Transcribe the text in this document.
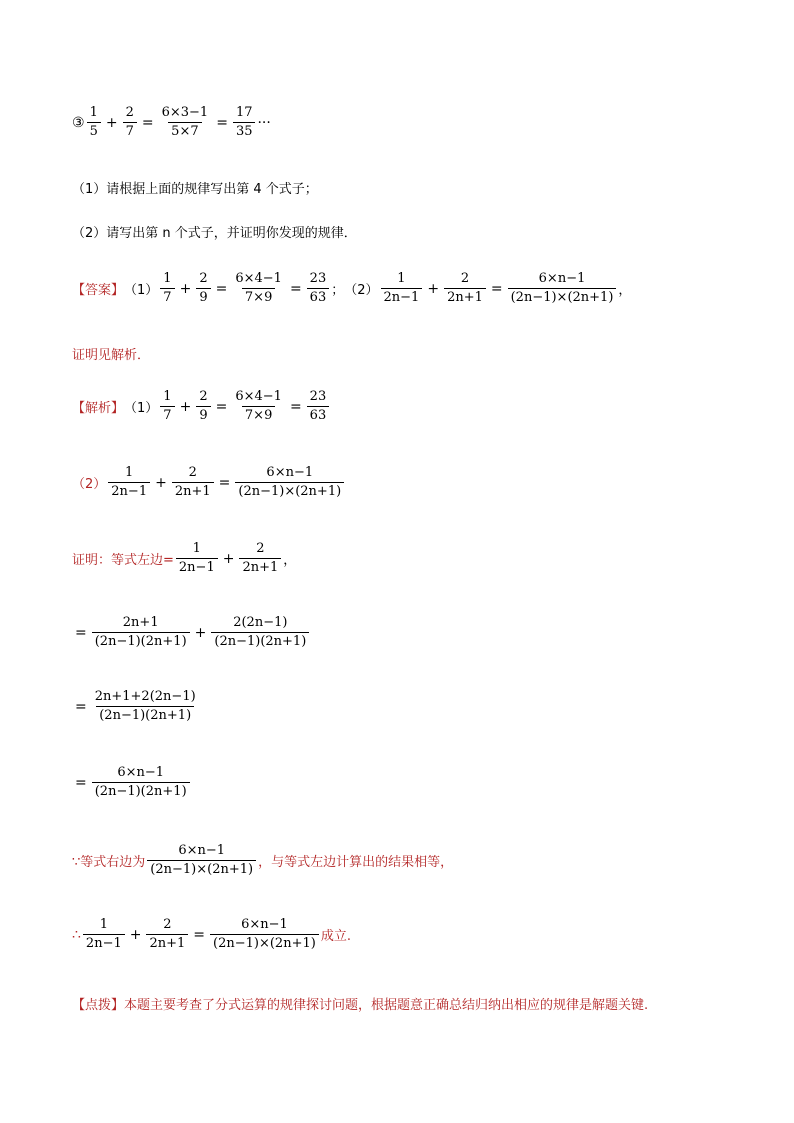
③ $\frac{1}{5} + \frac{2}{7} = \frac{6\times 3-1}{5\times 7} = \frac{17}{35}$ ···
（1）请根据上面的规律写出第 4 个式子；
（2）请写出第 n 个式子，并证明你发现的规律．
【答案】 $(1) \frac{1}{7} + \frac{2}{9} = \frac{6\times 4-1}{7\times 9} = \frac{23}{63}$ ； $(2) \frac{1}{2n-1} + \frac{2}{2n+1} = \frac{6\times n-1}{(2n-1)\times(2n+1)}$ ，
证明见解析．
【解析】 $(1) \frac{1}{7} + \frac{2}{9} = \frac{6\times 4-1}{7\times 9} = \frac{23}{63}$
$(2) \frac{1}{2n-1} + \frac{2}{2n+1} = \frac{6\times n-1}{(2n-1)\times(2n+1)}$
证明：等式左边= $\frac{1}{2n-1} + \frac{2}{2n+1}$ ，
= $\frac{2n+1}{(2n-1)(2n+1)} + \frac{2(2n-1)}{(2n-1)(2n+1)}$
= $\frac{2n+1+2(2n-1)}{(2n-1)(2n+1)}$
= $\frac{6\times n-1}{(2n-1)(2n+1)}$
∵等式右边为 $\frac{6\times n-1}{(2n-1)\times(2n+1)}$ ，与等式左边计算出的结果相等，
∴ $\frac{1}{2n-1} + \frac{2}{2n+1} = \frac{6\times n-1}{(2n-1)\times(2n+1)}$ 成立.
【点拨】 本题主要考查了分式运算的规律探讨问题，根据题意正确总结归纳出相应的规律是解题关键.
